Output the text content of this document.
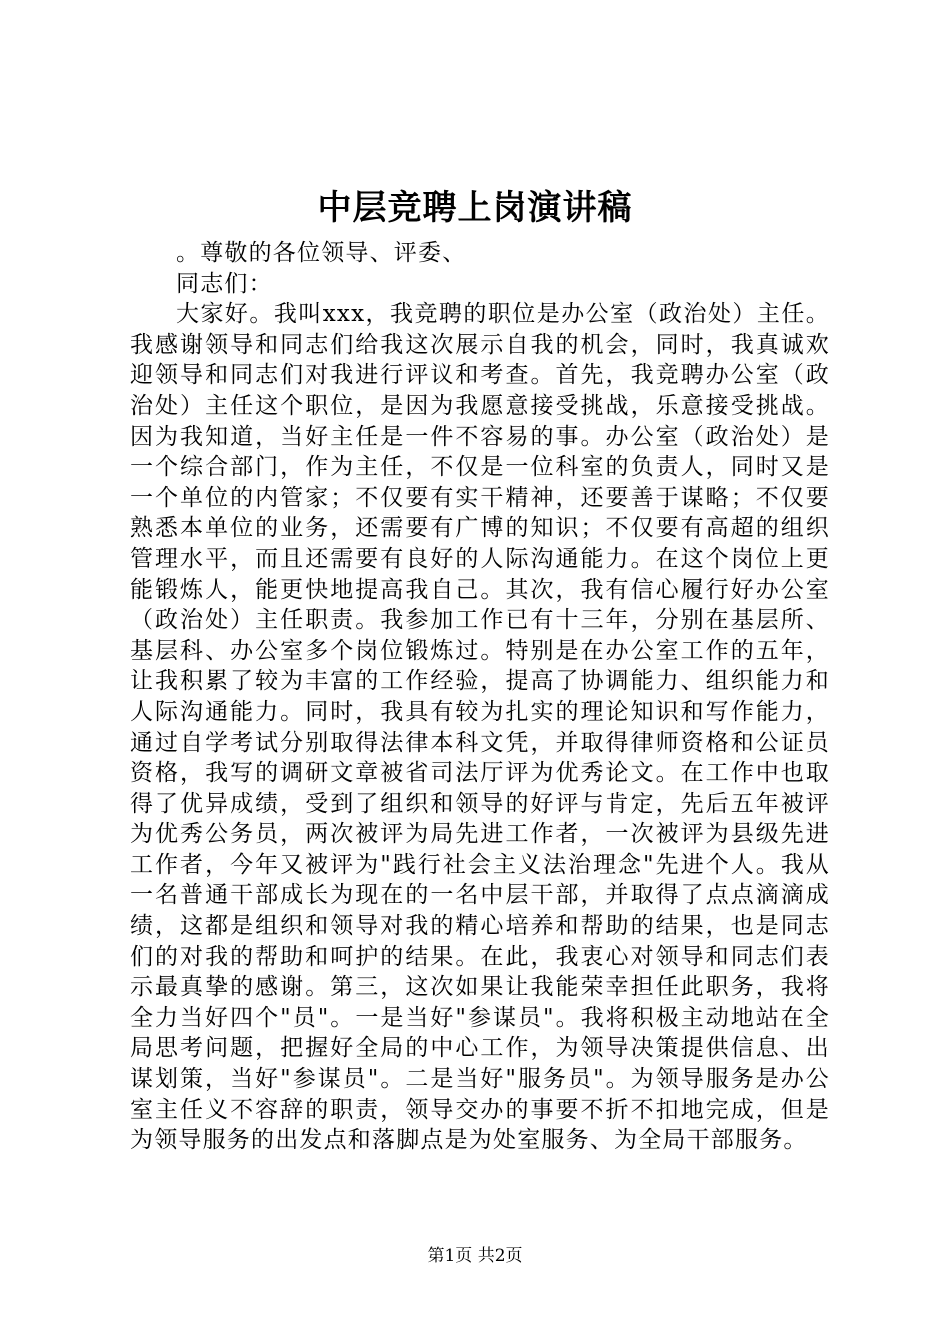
中层竞聘上岗演讲稿

。尊敬的各位领导、评委、

同志们：

大家好。我叫xxx，我竞聘的职位是办公室（政治处）主任。我感谢领导和同志们给我这次展示自我的机会，同时，我真诚欢迎领导和同志们对我进行评议和考查。首先，我竞聘办公室（政治处）主任这个职位，是因为我愿意接受挑战，乐意接受挑战。因为我知道，当好主任是一件不容易的事。办公室（政治处）是一个综合部门，作为主任，不仅是一位科室的负责人，同时又是一个单位的内管家；不仅要有实干精神，还要善于谋略；不仅要熟悉本单位的业务，还需要有广博的知识；不仅要有高超的组织管理水平，而且还需要有良好的人际沟通能力。在这个岗位上更能锻炼人，能更快地提高我自己。其次，我有信心履行好办公室（政治处）主任职责。我参加工作已有十三年，分别在基层所、基层科、办公室多个岗位锻炼过。特别是在办公室工作的五年，让我积累了较为丰富的工作经验，提高了协调能力、组织能力和人际沟通能力。同时，我具有较为扎实的理论知识和写作能力，通过自学考试分别取得法律本科文凭，并取得律师资格和公证员资格，我写的调研文章被省司法厅评为优秀论文。在工作中也取得了优异成绩，受到了组织和领导的好评与肯定，先后五年被评为优秀公务员，两次被评为局先进工作者，一次被评为县级先进工作者，今年又被评为"践行社会主义法治理念"先进个人。我从一名普通干部成长为现在的一名中层干部，并取得了点点滴滴成绩，这都是组织和领导对我的精心培养和帮助的结果，也是同志们的对我的帮助和呵护的结果。在此，我衷心对领导和同志们表示最真挚的感谢。第三，这次如果让我能荣幸担任此职务，我将全力当好四个"员"。一是当好"参谋员"。我将积极主动地站在全局思考问题，把握好全局的中心工作，为领导决策提供信息、出谋划策，当好"参谋员"。二是当好"服务员"。为领导服务是办公室主任义不容辞的职责，领导交办的事要不折不扣地完成，但是为领导服务的出发点和落脚点是为处室服务、为全局干部服务。

第1页 共2页
